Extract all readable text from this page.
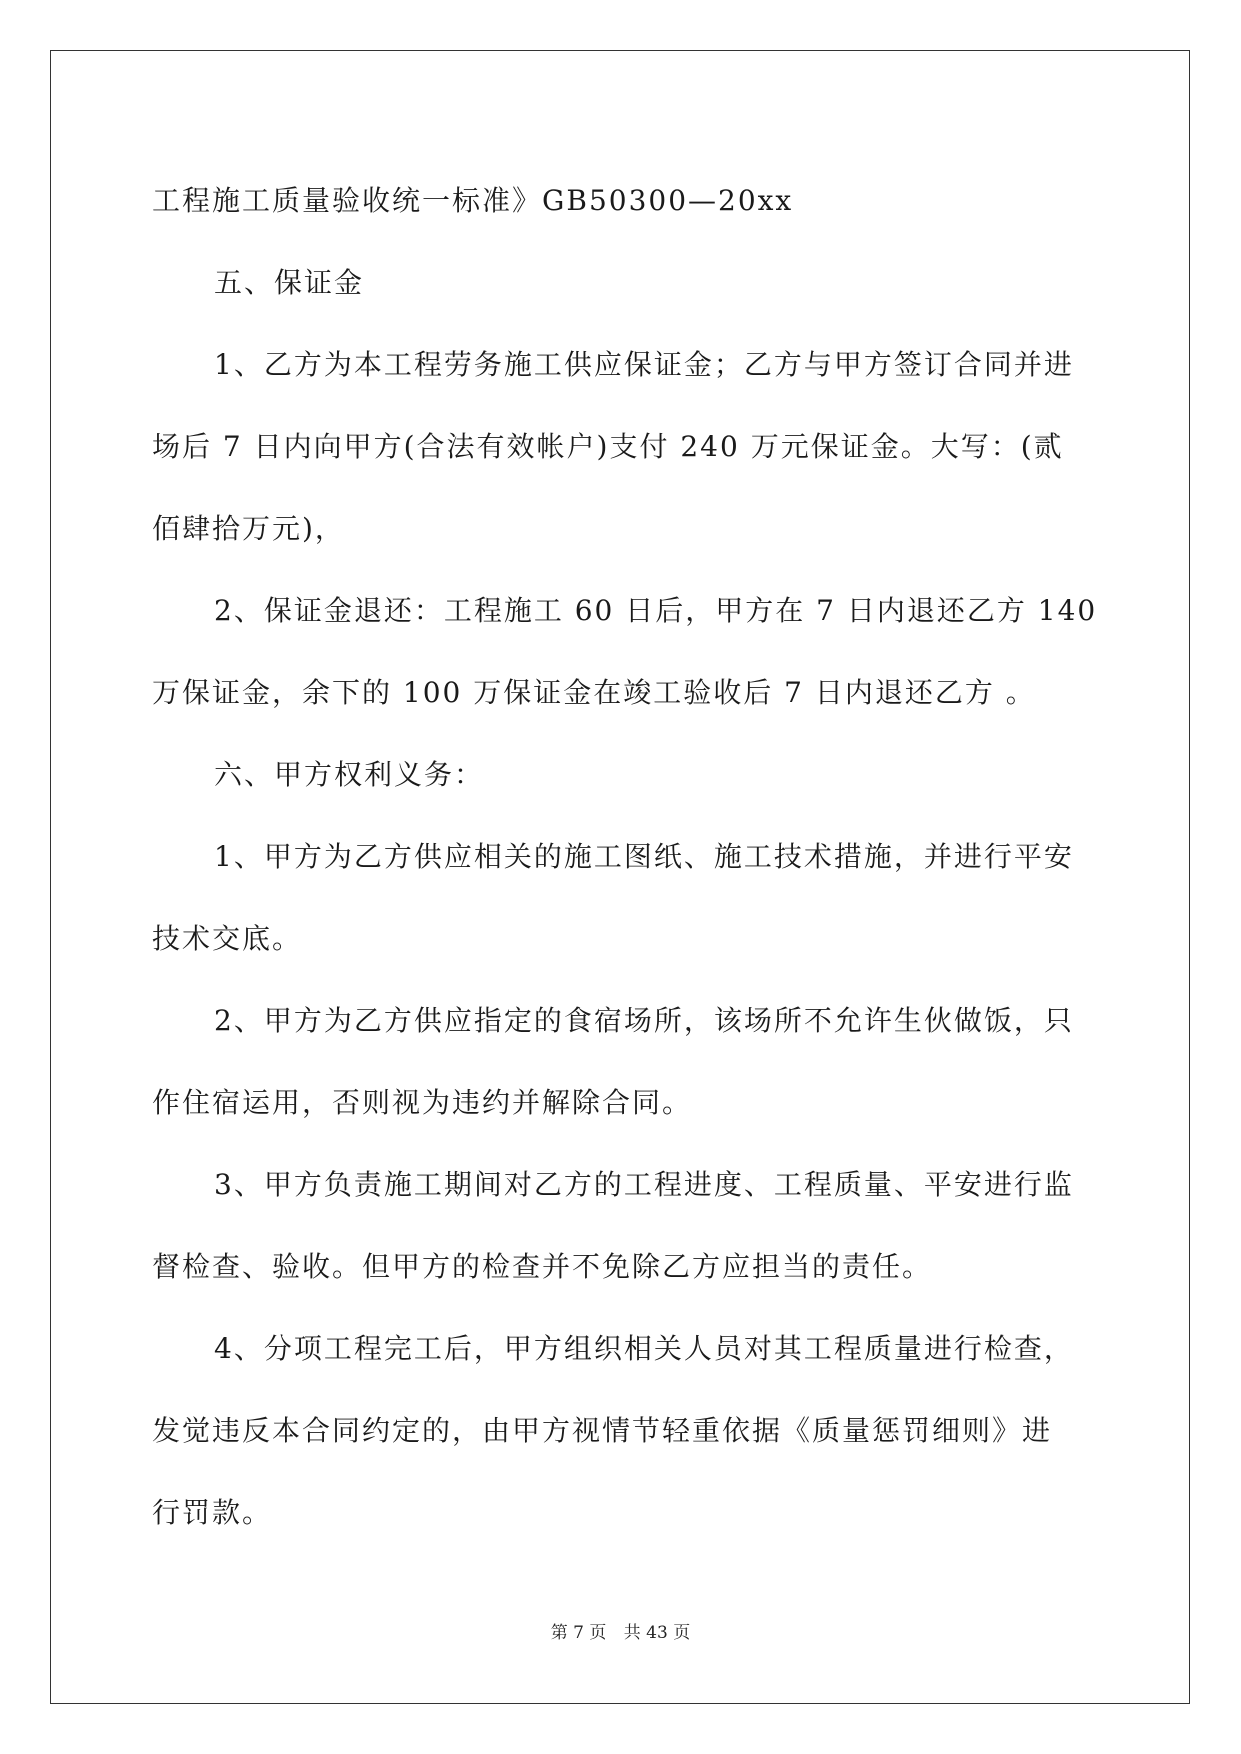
工程施工质量验收统一标准》GB50300—20xx
五、保证金
1、乙方为本工程劳务施工供应保证金；乙方与甲方签订合同并进
场后 7 日内向甲方(合法有效帐户)支付 240 万元保证金。大写：(贰
佰肆拾万元)，
2、保证金退还：工程施工 60 日后，甲方在 7 日内退还乙方 140
万保证金，余下的 100 万保证金在竣工验收后 7 日内退还乙方 。
六、甲方权利义务：
1、甲方为乙方供应相关的施工图纸、施工技术措施，并进行平安
技术交底。
2、甲方为乙方供应指定的食宿场所，该场所不允许生伙做饭，只
作住宿运用，否则视为违约并解除合同。
3、甲方负责施工期间对乙方的工程进度、工程质量、平安进行监
督检查、验收。但甲方的检查并不免除乙方应担当的责任。
4、分项工程完工后，甲方组织相关人员对其工程质量进行检查，
发觉违反本合同约定的，由甲方视情节轻重依据《质量惩罚细则》进
行罚款。
第 7 页 共 43 页
